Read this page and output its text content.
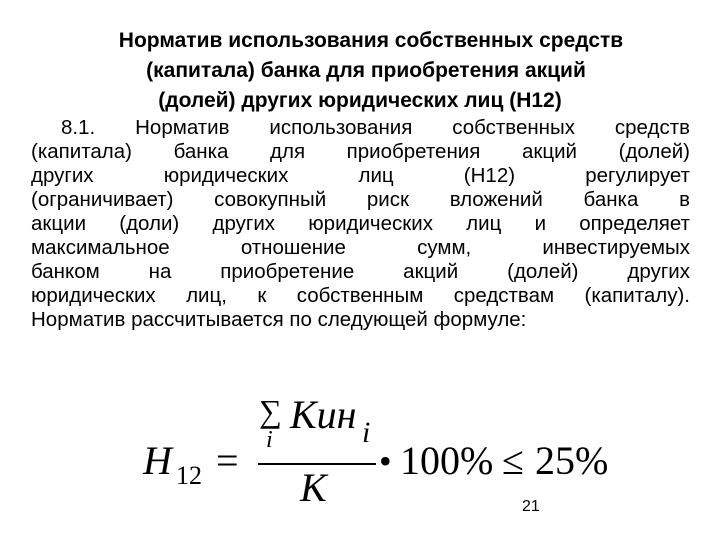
Норматив использования собственных средств
(капитала) банка для приобретения акций
(долей) других юридических лиц (Н12)
8.1. Норматив использования собственных средств
(капитала) банка для приобретения акций (долей)
других юридических лиц (Н12) регулирует
(ограничивает) совокупный риск вложений банка в
акции (доли) других юридических лиц и определяет
максимальное отношение сумм, инвестируемых
банком на приобретение акций (долей) других
юридических лиц, к собственным средствам (капиталу).
Норматив рассчитывается по следующей формуле:
Н 12 =
∑
i
Кин i
К
• 100% ≤ 25%
21
